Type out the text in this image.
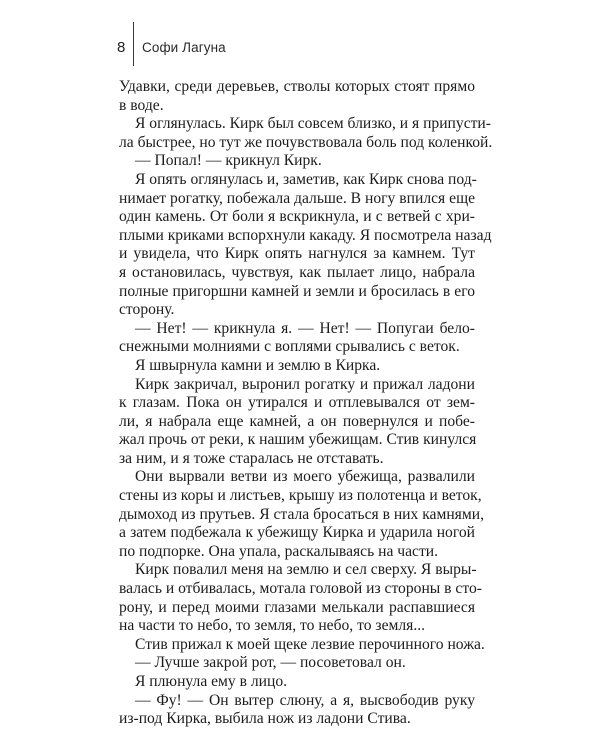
8 Софи Лагуна
Удавки, среди деревьев, стволы которых стоят прямо
в воде.
Я оглянулась. Кирк был совсем близко, и я припусти-
ла быстрее, но тут же почувствовала боль под коленкой.
— Попал! — крикнул Кирк.
Я опять оглянулась и, заметив, как Кирк снова под-
нимает рогатку, побежала дальше. В ногу впился еще
один камень. От боли я вскрикнула, и с ветвей с хри-
плыми криками вспорхнули какаду. Я посмотрела назад
и увидела, что Кирк опять нагнулся за камнем. Тут
я остановилась, чувствуя, как пылает лицо, набрала
полные пригоршни камней и земли и бросилась в его
сторону.
— Нет! — крикнула я. — Нет! — Попугаи бело-
снежными молниями с воплями срывались с веток.
Я швырнула камни и землю в Кирка.
Кирк закричал, выронил рогатку и прижал ладони
к глазам. Пока он утирался и отплевывался от зем-
ли, я набрала еще камней, а он повернулся и побе-
жал прочь от реки, к нашим убежищам. Стив кинулся
за ним, и я тоже старалась не отставать.
Они вырвали ветви из моего убежища, развалили
стены из коры и листьев, крышу из полотенца и веток,
дымоход из прутьев. Я стала бросаться в них камнями,
а затем подбежала к убежищу Кирка и ударила ногой
по подпорке. Она упала, раскалываясь на части.
Кирк повалил меня на землю и сел сверху. Я выры-
валась и отбивалась, мотала головой из стороны в сто-
рону, и перед моими глазами мелькали распавшиеся
на части то небо, то земля, то небо, то земля...
Стив прижал к моей щеке лезвие перочинного ножа.
— Лучше закрой рот, — посоветовал он.
Я плюнула ему в лицо.
— Фу! — Он вытер слюну, а я, высвободив руку
из-под Кирка, выбила нож из ладони Стива.
